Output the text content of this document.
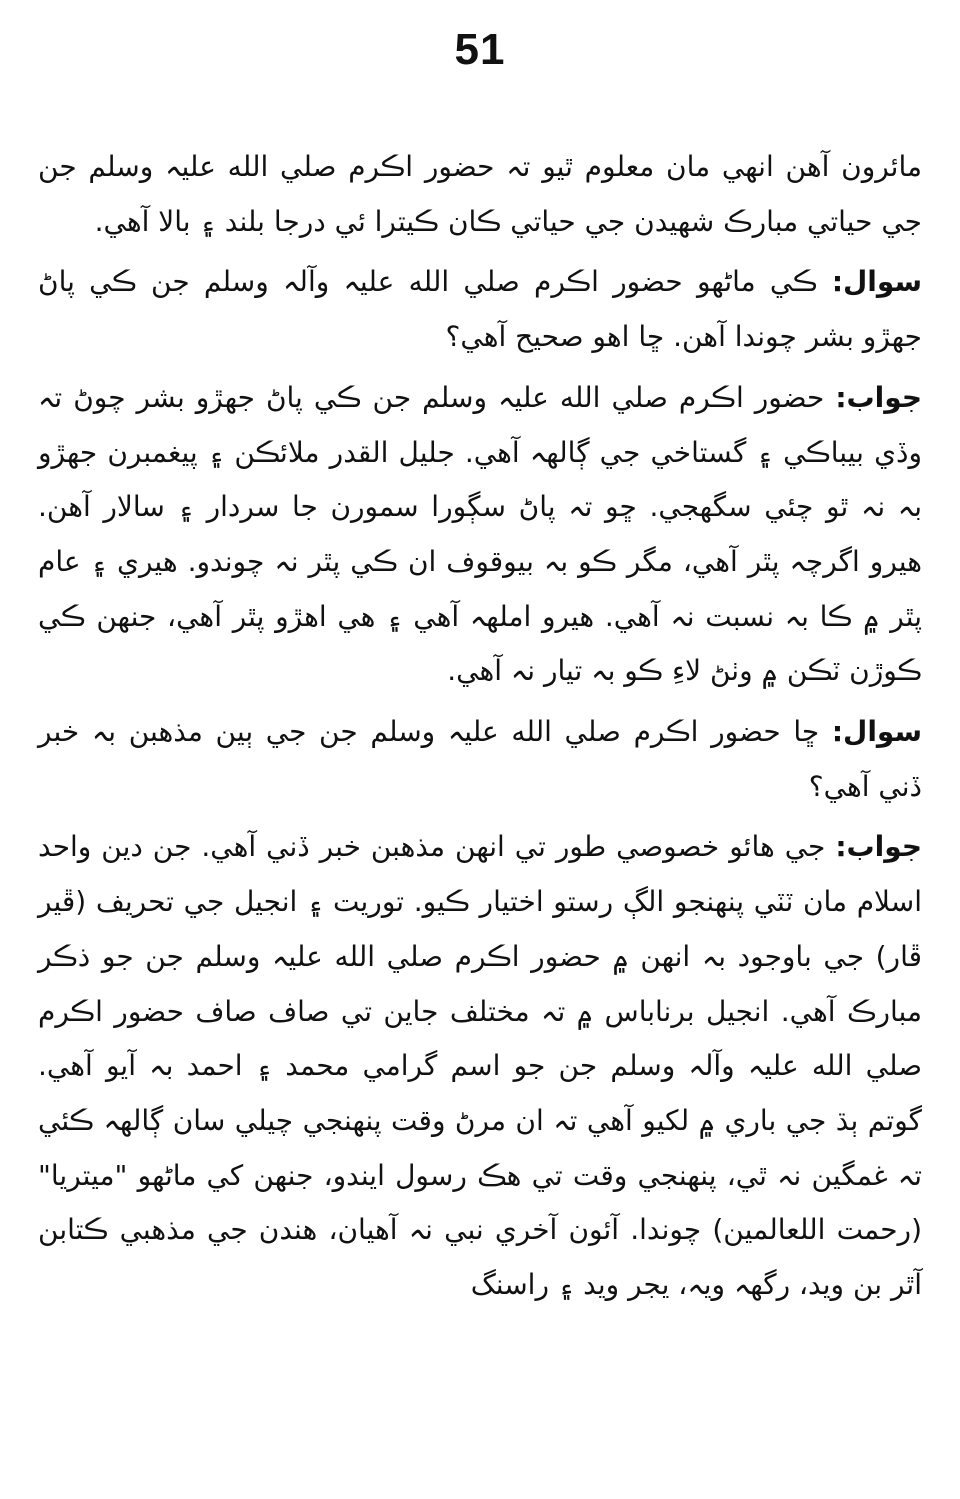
51

مائرون آهن انهي مان معلوم ٿيو تہ حضور اڪرم صلي الله عليہ وسلم جن جي حياتي مبارڪ شهيدن جي حياتي ڪان ڪيترا ئي درجا بلند ۽ بالا آهي.

سوال: ڪي ماڻهو حضور اڪرم صلي الله عليہ وآلہ وسلم جن ڪي پاڻ جهڙو بشر چوندا آهن. ڇا اهو صحيح آهي؟

جواب: حضور اڪرم صلي الله عليہ وسلم جن ڪي پاڻ جهڙو بشر چوڻ تہ وڏي بيباڪي ۽ گستاخي جي ڳالهہ آهي. جليل القدر ملائڪن ۽ پيغمبرن جهڙو بہ نہ ٿو چئي سگهجي. ڇو تہ پاڻ سڳورا سمورن جا سردار ۽ سالار آهن. هيرو اگرچہ پٿر آهي، مگر ڪو بہ بيوقوف ان ڪي پٿر نہ چوندو. هيري ۽ عام پٿر ۾ ڪا بہ نسبت نہ آهي. هيرو املهہ آهي ۽ هي اهڙو پٿر آهي، جنهن ڪي ڪوڙن ٽڪن ۾ وٺڻ لاءِ ڪو بہ تيار نہ آهي.

سوال: ڇا حضور اڪرم صلي الله عليہ وسلم جن جي ٻين مذهبن بہ خبر ڏني آهي؟

جواب: جي هائو خصوصي طور تي انهن مذهبن خبر ڏني آهي. جن دين واحد اسلام مان ٽٽي پنهنجو الڳ رستو اختيار ڪيو. توريت ۽ انجيل جي تحريف (ڦير ڦار) جي باوجود بہ انهن ۾ حضور اڪرم صلي الله عليہ وسلم جن جو ذڪر مبارڪ آهي. انجيل برناباس ۾ تہ مختلف جاين تي صاف صاف حضور اڪرم صلي الله عليہ وآلہ وسلم جن جو اسم گرامي محمد ۽ احمد بہ آيو آهي. گوتم ٻڌ جي باري ۾ لکيو آهي تہ ان مرڻ وقت پنهنجي چيلي سان ڳالهہ ڪئي تہ غمگين نہ ٿي، پنهنجي وقت تي هڪ رسول ايندو، جنهن کي ماڻهو "ميتريا" (رحمت اللعالمين) چوندا. آئون آخري نبي نہ آهيان، هندن جي مذهبي ڪتابن آٿر بن ويد، رگهہ ويہ، يجر ويد ۽ راسنگ
